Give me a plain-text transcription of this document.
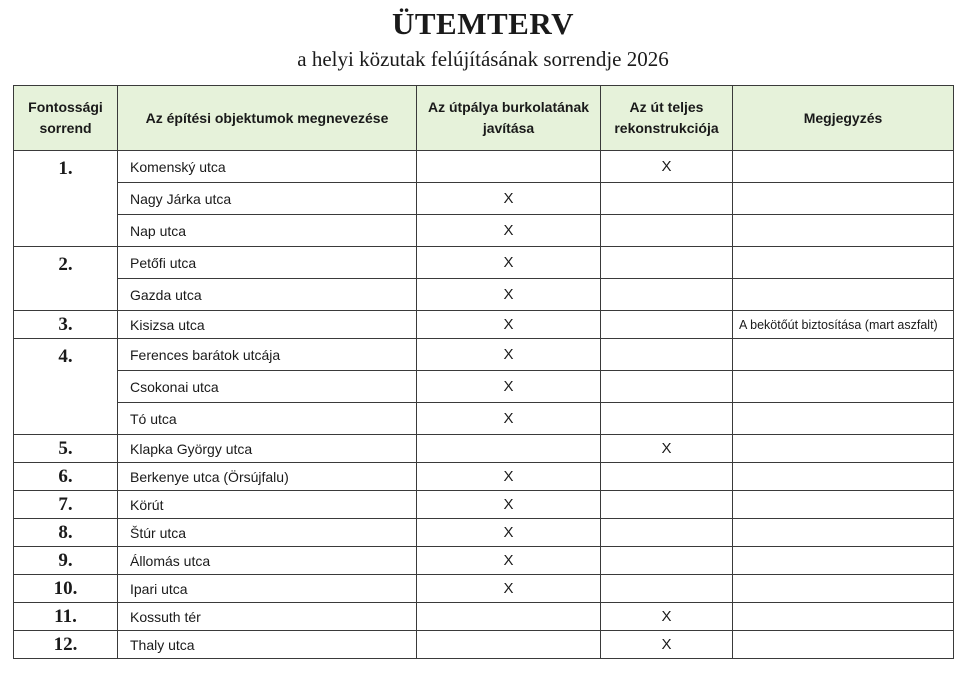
ÜTEMTERV
a helyi közutak felújításának sorrendje 2026
Fontossági sorrend	Az építési objektumok megnevezése	Az útpálya burkolatának javítása	Az út teljes rekonstrukciója	Megjegyzés
1.	Komenský utca		X	
	Nagy Járka utca	X		
	Nap utca	X		
2.	Petőfi utca	X		
	Gazda utca	X		
3.	Kisizsa utca	X		A bekötőút biztosítása (mart aszfalt)
4.	Ferences barátok utcája	X		
	Csokonai utca	X		
	Tó utca	X		
5.	Klapka György utca		X	
6.	Berkenye utca (Örsújfalu)	X		
7.	Körút	X		
8.	Štúr utca	X		
9.	Állomás utca	X		
10.	Ipari utca	X		
11.	Kossuth tér		X	
12.	Thaly utca		X	
